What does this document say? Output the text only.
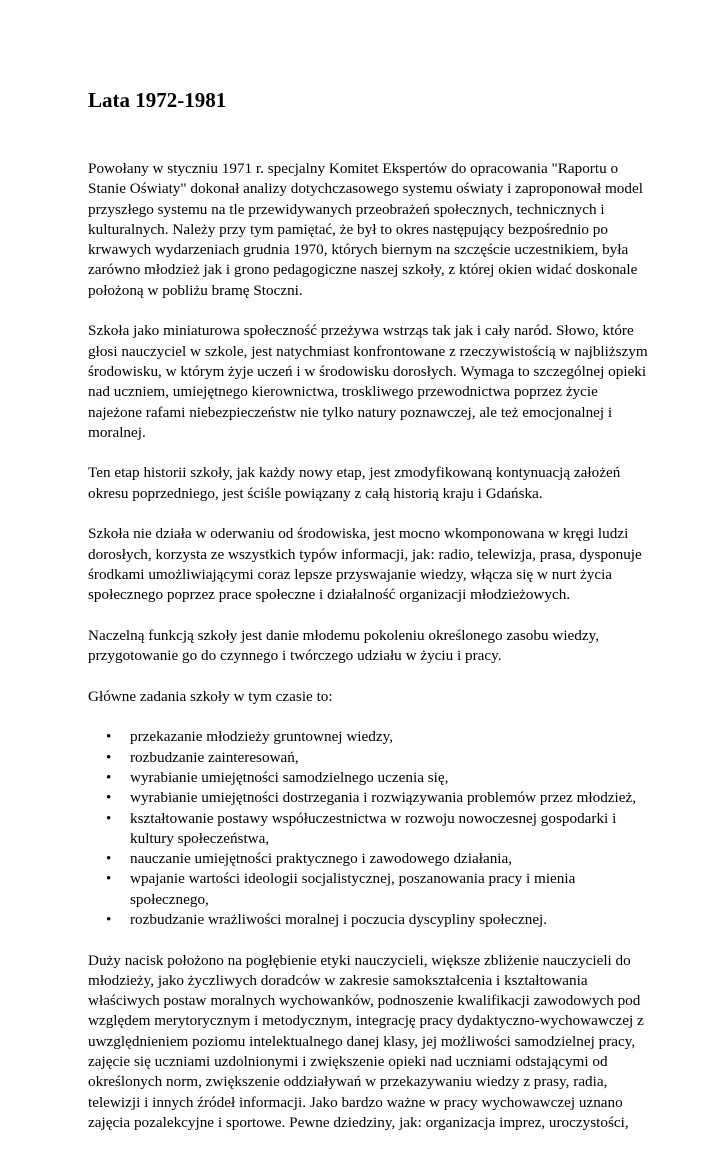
Lata 1972-1981

Powołany w styczniu 1971 r. specjalny Komitet Ekspertów do opracowania "Raportu o Stanie Oświaty" dokonał analizy dotychczasowego systemu oświaty i zaproponował model przyszłego systemu na tle przewidywanych przeobrażeń społecznych, technicznych i kulturalnych. Należy przy tym pamiętać, że był to okres następujący bezpośrednio po krwawych wydarzeniach grudnia 1970, których biernym na szczęście uczestnikiem, była zarówno młodzież jak i grono pedagogiczne naszej szkoły, z której okien widać doskonale położoną w pobliżu bramę Stoczni.

Szkoła jako miniaturowa społeczność przeżywa wstrząs tak jak i cały naród. Słowo, które głosi nauczyciel w szkole, jest natychmiast konfrontowane z rzeczywistością w najbliższym środowisku, w którym żyje uczeń i w środowisku dorosłych. Wymaga to szczególnej opieki nad uczniem, umiejętnego kierownictwa, troskliwego przewodnictwa poprzez życie najeżone rafami niebezpieczeństw nie tylko natury poznawczej, ale też emocjonalnej i moralnej.

Ten etap historii szkoły, jak każdy nowy etap, jest zmodyfikowaną kontynuacją założeń okresu poprzedniego, jest ściśle powiązany z całą historią kraju i Gdańska.

Szkoła nie działa w oderwaniu od środowiska, jest mocno wkomponowana w kręgi ludzi dorosłych, korzysta ze wszystkich typów informacji, jak: radio, telewizja, prasa, dysponuje środkami umożliwiającymi coraz lepsze przyswajanie wiedzy, włącza się w nurt życia społecznego poprzez prace społeczne i działalność organizacji młodzieżowych.

Naczelną funkcją szkoły jest danie młodemu pokoleniu określonego zasobu wiedzy, przygotowanie go do czynnego i twórczego udziału w życiu i pracy.

Główne zadania szkoły w tym czasie to:

• przekazanie młodzieży gruntownej wiedzy,
• rozbudzanie zainteresowań,
• wyrabianie umiejętności samodzielnego uczenia się,
• wyrabianie umiejętności dostrzegania i rozwiązywania problemów przez młodzież,
• kształtowanie postawy współuczestnictwa w rozwoju nowoczesnej gospodarki i kultury społeczeństwa,
• nauczanie umiejętności praktycznego i zawodowego działania,
• wpajanie wartości ideologii socjalistycznej, poszanowania pracy i mienia społecznego,
• rozbudzanie wrażliwości moralnej i poczucia dyscypliny społecznej.

Duży nacisk położono na pogłębienie etyki nauczycieli, większe zbliżenie nauczycieli do młodzieży, jako życzliwych doradców w zakresie samokształcenia i kształtowania właściwych postaw moralnych wychowanków, podnoszenie kwalifikacji zawodowych pod względem merytorycznym i metodycznym, integrację pracy dydaktyczno-wychowawczej z uwzględnieniem poziomu intelektualnego danej klasy, jej możliwości samodzielnej pracy, zajęcie się uczniami uzdolnionymi i zwiększenie opieki nad uczniami odstającymi od określonych norm, zwiększenie oddziaływań w przekazywaniu wiedzy z prasy, radia, telewizji i innych źródeł informacji. Jako bardzo ważne w pracy wychowawczej uznano zajęcia pozalekcyjne i sportowe. Pewne dziedziny, jak: organizacja imprez, uroczystości,
